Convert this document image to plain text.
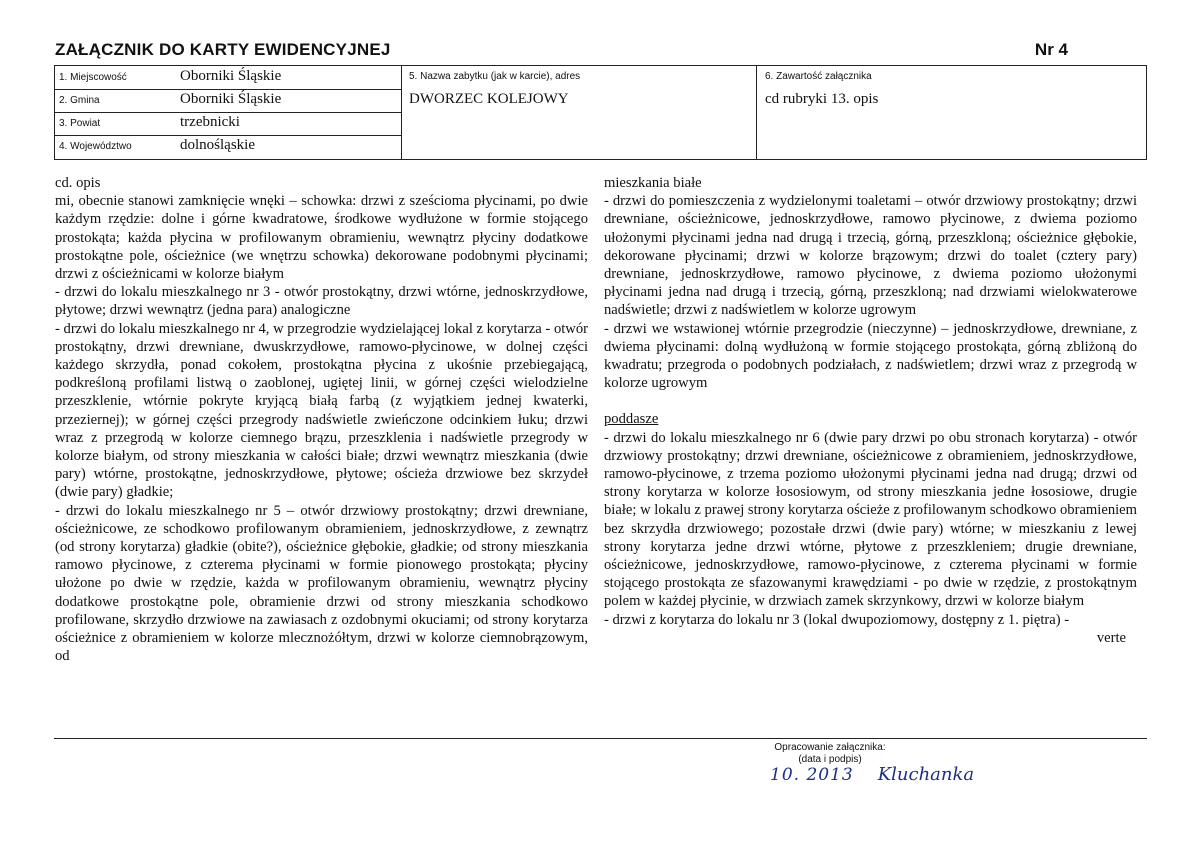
ZAŁĄCZNIK DO KARTY EWIDENCYJNEJ	Nr 4
1. Miejscowość	Oborniki Śląskie
2. Gmina	Oborniki Śląskie
3. Powiat	trzebnicki
4. Województwo	dolnośląskie
5. Nazwa zabytku (jak w karcie), adres
DWORZEC KOLEJOWY
6. Zawartość załącznika
cd rubryki 13. opis

cd. opis

mi, obecnie stanowi zamknięcie wnęki – schowka: drzwi z sześcioma płycinami, po dwie każdym rzędzie: dolne i górne kwadratowe, środkowe wydłużone w formie stojącego prostokąta; każda płycina w profilowanym obramieniu, wewnątrz płyciny dodatkowe prostokątne pole, ościeżnice (we wnętrzu schowka) dekorowane podobnymi płycinami; drzwi z ościeżnicami w kolorze białym

- drzwi do lokalu mieszkalnego nr 3 - otwór prostokątny, drzwi wtórne, jednoskrzydłowe, płytowe; drzwi wewnątrz (jedna para) analogiczne

- drzwi do lokalu mieszkalnego nr 4, w przegrodzie wydzielającej lokal z korytarza - otwór prostokątny, drzwi drewniane, dwuskrzydłowe, ramowo-płycinowe, w dolnej części każdego skrzydła, ponad cokołem, prostokątna płycina z ukośnie przebiegającą, podkreśloną profilami listwą o zaoblonej, ugiętej linii, w górnej części wielodzielne przeszklenie, wtórnie pokryte kryjącą białą farbą (z wyjątkiem jednej kwaterki, przeziernej); w górnej części przegrody nadświetle zwieńczone odcinkiem łuku; drzwi wraz z przegrodą w kolorze ciemnego brązu, przeszklenia i nadświetle przegrody w kolorze białym, od strony mieszkania w całości białe; drzwi wewnątrz mieszkania (dwie pary) wtórne, prostokątne, jednoskrzydłowe, płytowe; ościeża drzwiowe bez skrzydeł (dwie pary) gładkie;

- drzwi do lokalu mieszkalnego nr 5 – otwór drzwiowy prostokątny; drzwi drewniane, ościeżnicowe, ze schodkowo profilowanym obramieniem, jednoskrzydłowe, z zewnątrz (od strony korytarza) gładkie (obite?), ościeżnice głębokie, gładkie; od strony mieszkania ramowo płycinowe, z czterema płycinami w formie pionowego prostokąta; płyciny ułożone po dwie w rzędzie, każda w profilowanym obramieniu, wewnątrz płyciny dodatkowe prostokątne pole, obramienie drzwi od strony mieszkania schodkowo profilowane, skrzydło drzwiowe na zawiasach z ozdobnymi okuciami; od strony korytarza ościeżnice z obramieniem w kolorze mlecznożółtym, drzwi w kolorze ciemnobrązowym, od

mieszkania białe

- drzwi do pomieszczenia z wydzielonymi toaletami – otwór drzwiowy prostokątny; drzwi drewniane, ościeżnicowe, jednoskrzydłowe, ramowo płycinowe, z dwiema poziomo ułożonymi płycinami jedna nad drugą i trzecią, górną, przeszkloną; ościeżnice głębokie, dekorowane płycinami; drzwi w kolorze brązowym; drzwi do toalet (cztery pary) drewniane, jednoskrzydłowe, ramowo płycinowe, z dwiema poziomo ułożonymi płycinami jedna nad drugą i trzecią, górną, przeszkloną; nad drzwiami wielokwaterowe nadświetle; drzwi z nadświetlem w kolorze ugrowym

- drzwi we wstawionej wtórnie przegrodzie (nieczynne) – jednoskrzydłowe, drewniane, z dwiema płycinami: dolną wydłużoną w formie stojącego prostokąta, górną zbliżoną do kwadratu; przegroda o podobnych podziałach, z nadświetlem; drzwi wraz z przegrodą w kolorze ugrowym

poddasze

- drzwi do lokalu mieszkalnego nr 6 (dwie pary drzwi po obu stronach korytarza) - otwór drzwiowy prostokątny; drzwi drewniane, ościeżnicowe z obramieniem, jednoskrzydłowe, ramowo-płycinowe, z trzema poziomo ułożonymi płycinami jedna nad drugą; drzwi od strony korytarza w kolorze łososiowym, od strony mieszkania jedne łososiowe, drugie białe; w lokalu z prawej strony korytarza ościeże z profilowanym schodkowo obramieniem bez skrzydła drzwiowego; pozostałe drzwi (dwie pary) wtórne; w mieszkaniu z lewej strony korytarza jedne drzwi wtórne, płytowe z przeszkleniem; drugie drewniane, ościeżnicowe, jednoskrzydłowe, ramowo-płycinowe, z czterema płycinami w formie stojącego prostokąta ze sfazowanymi krawędziami - po dwie w rzędzie, z prostokątnym polem w każdej płycinie, w drzwiach zamek skrzynkowy, drzwi w kolorze białym

- drzwi z korytarza do lokalu nr 3 (lokal dwupoziomowy, dostępny z 1. piętra) -

verte

Opracowanie załącznika:
(data i podpis)
10. 2013 Kluchanka
